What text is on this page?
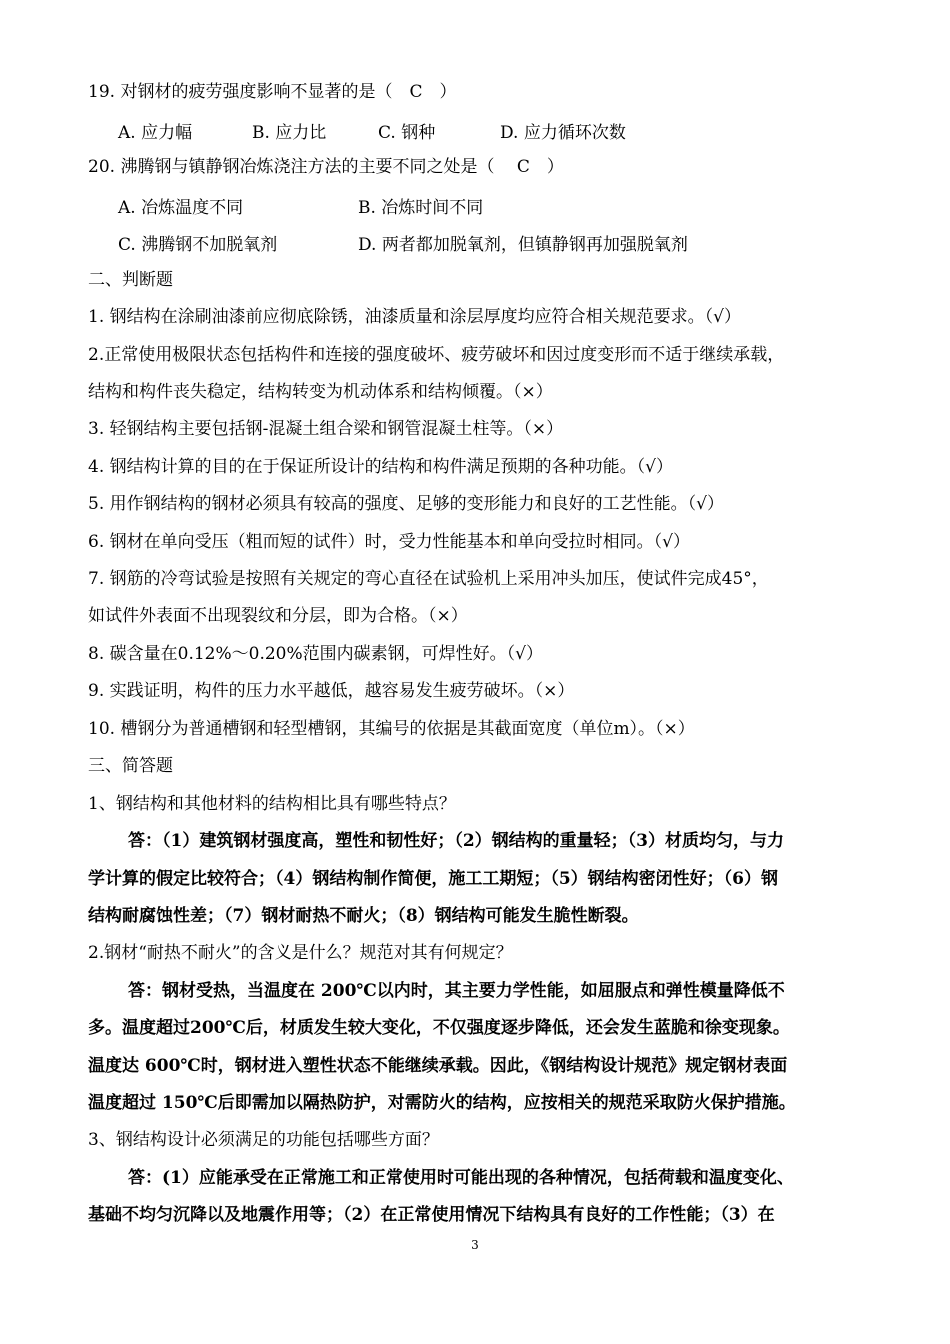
19. 对钢材的疲劳强度影响不显著的是（　C　）
A. 应力幅	B. 应力比	C. 钢种	D. 应力循环次数
20. 沸腾钢与镇静钢冶炼浇注方法的主要不同之处是（　 C　）
A. 冶炼温度不同	B. 冶炼时间不同
C. 沸腾钢不加脱氧剂	D. 两者都加脱氧剂，但镇静钢再加强脱氧剂
二、判断题
1. 钢结构在涂刷油漆前应彻底除锈，油漆质量和涂层厚度均应符合相关规范要求。（√）
2.正常使用极限状态包括构件和连接的强度破坏、疲劳破坏和因过度变形而不适于继续承载，
结构和构件丧失稳定，结构转变为机动体系和结构倾覆。（×）
3. 轻钢结构主要包括钢-混凝土组合梁和钢管混凝土柱等。（×）
4. 钢结构计算的目的在于保证所设计的结构和构件满足预期的各种功能。（√）
5. 用作钢结构的钢材必须具有较高的强度、足够的变形能力和良好的工艺性能。（√）
6. 钢材在单向受压（粗而短的试件）时，受力性能基本和单向受拉时相同。（√）
7. 钢筋的冷弯试验是按照有关规定的弯心直径在试验机上采用冲头加压，使试件完成45°，
如试件外表面不出现裂纹和分层，即为合格。（×）
8. 碳含量在0.12%～0.20%范围内碳素钢，可焊性好。（√）
9. 实践证明，构件的压力水平越低，越容易发生疲劳破坏。（×）
10. 槽钢分为普通槽钢和轻型槽钢，其编号的依据是其截面宽度（单位m）。（×）
三、简答题
1、钢结构和其他材料的结构相比具有哪些特点？
答：（1）建筑钢材强度高，塑性和韧性好；（2）钢结构的重量轻；（3）材质均匀，与力
学计算的假定比较符合；（4）钢结构制作简便，施工工期短；（5）钢结构密闭性好；（6）钢
结构耐腐蚀性差；（7）钢材耐热不耐火；（8）钢结构可能发生脆性断裂。
2.钢材“耐热不耐火”的含义是什么？规范对其有何规定？
答：钢材受热，当温度在 200℃以内时，其主要力学性能，如屈服点和弹性模量降低不
多。温度超过200℃后，材质发生较大变化，不仅强度逐步降低，还会发生蓝脆和徐变现象。
温度达 600℃时，钢材进入塑性状态不能继续承载。因此，《钢结构设计规范》规定钢材表面
温度超过 150℃后即需加以隔热防护，对需防火的结构，应按相关的规范采取防火保护措施。
3、钢结构设计必须满足的功能包括哪些方面？
答：(1）应能承受在正常施工和正常使用时可能出现的各种情况，包括荷载和温度变化、
基础不均匀沉降以及地震作用等；（2）在正常使用情况下结构具有良好的工作性能；（3）在
3
